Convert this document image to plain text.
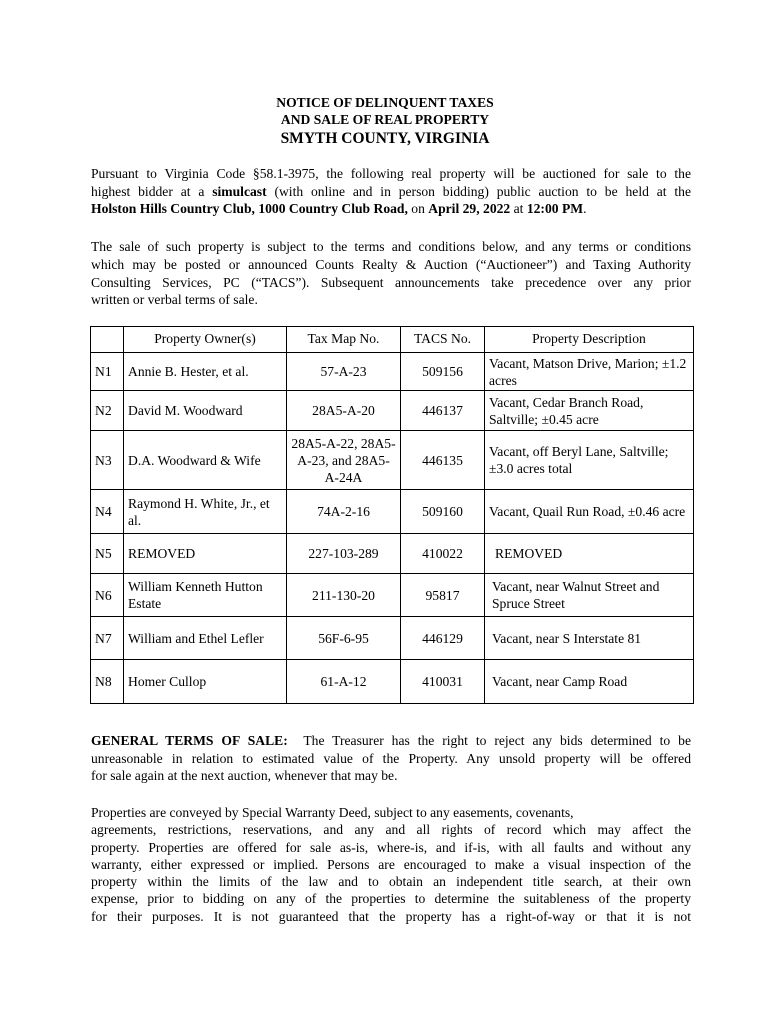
NOTICE OF DELINQUENT TAXES
AND SALE OF REAL PROPERTY
SMYTH COUNTY, VIRGINIA
Pursuant to Virginia Code §58.1-3975, the following real property will be auctioned for sale to the
highest bidder at a simulcast (with online and in person bidding) public auction to be held at the
Holston Hills Country Club, 1000 Country Club Road, on April 29, 2022 at 12:00 PM.
The sale of such property is subject to the terms and conditions below, and any terms or conditions
which may be posted or announced Counts Realty & Auction (“Auctioneer”) and Taxing Authority
Consulting Services, PC (“TACS”). Subsequent announcements take precedence over any prior
written or verbal terms of sale.
	Property Owner(s)	Tax Map No.	TACS No.	Property Description
N1	Annie B. Hester, et al.	57-A-23	509156	Vacant, Matson Drive, Marion; ±1.2 acres
N2	David M. Woodward	28A5-A-20	446137	Vacant, Cedar Branch Road, Saltville; ±0.45 acre
N3	D.A. Woodward & Wife	28A5-A-22, 28A5-A-23, and 28A5-A-24A	446135	Vacant, off Beryl Lane, Saltville; ±3.0 acres total
N4	Raymond H. White, Jr., et al.	74A-2-16	509160	Vacant, Quail Run Road, ±0.46 acre
N5	REMOVED	227-103-289	410022	REMOVED
N6	William Kenneth Hutton Estate	211-130-20	95817	Vacant, near Walnut Street and Spruce Street
N7	William and Ethel Lefler	56F-6-95	446129	Vacant, near S Interstate 81
N8	Homer Cullop	61-A-12	410031	Vacant, near Camp Road
GENERAL TERMS OF SALE:  The Treasurer has the right to reject any bids determined to be
unreasonable in relation to estimated value of the Property. Any unsold property will be offered
for sale again at the next auction, whenever that may be.
Properties are conveyed by Special Warranty Deed, subject to any easements, covenants,
agreements, restrictions, reservations, and any and all rights of record which may affect the
property. Properties are offered for sale as-is, where-is, and if-is, with all faults and without any
warranty, either expressed or implied. Persons are encouraged to make a visual inspection of the
property within the limits of the law and to obtain an independent title search, at their own
expense, prior to bidding on any of the properties to determine the suitableness of the property
for their purposes. It is not guaranteed that the property has a right-of-way or that it is not
